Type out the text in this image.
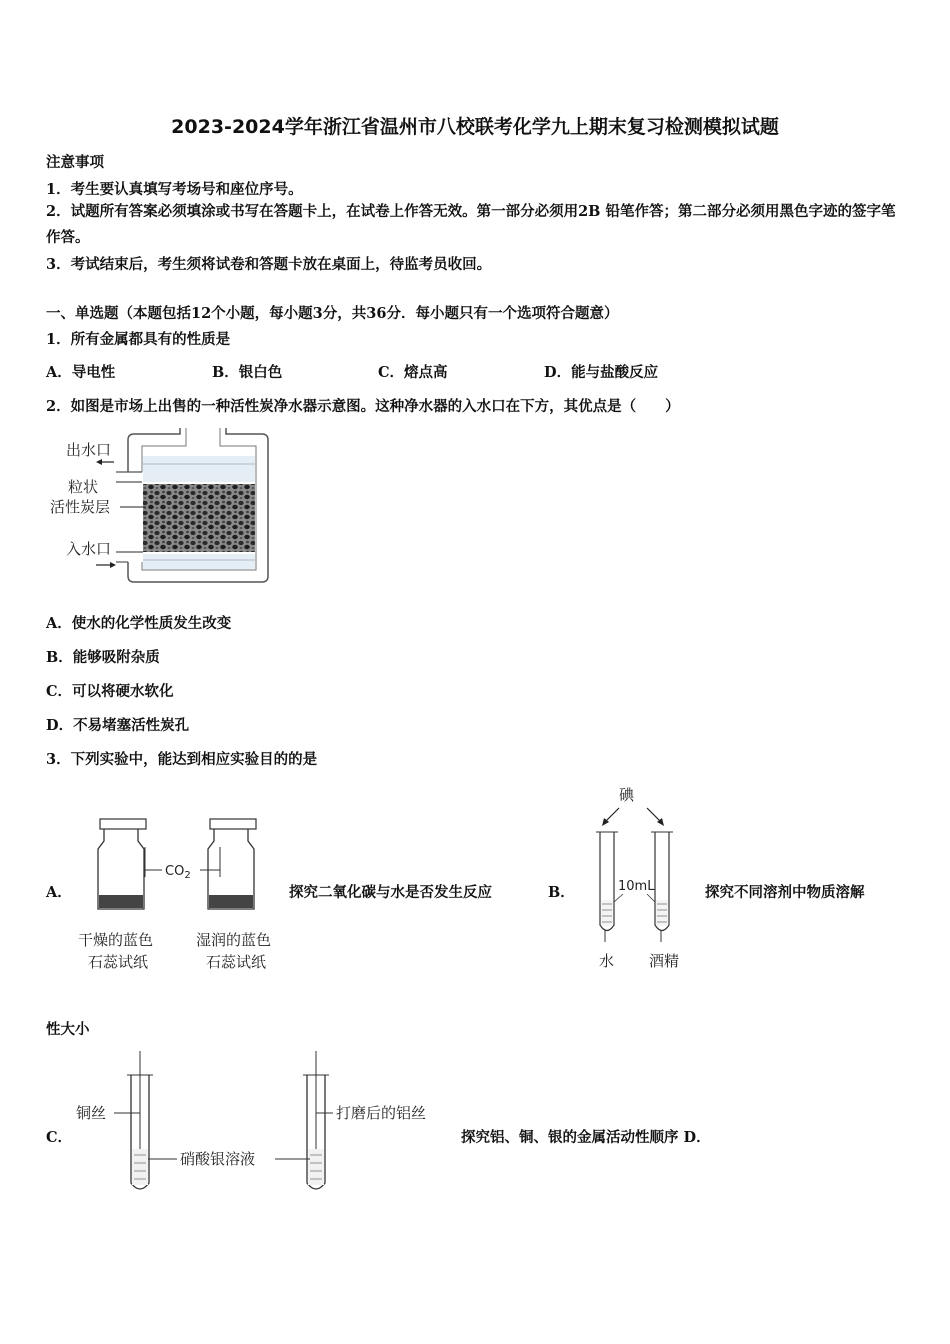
2023-2024学年浙江省温州市八校联考化学九上期末复习检测模拟试题
注意事项
1．考生要认真填写考场号和座位序号。
2．试题所有答案必须填涂或书写在答题卡上，在试卷上作答无效。第一部分必须用2B 铅笔作答；第二部分必须用黑色字迹的签字笔作答。
3．考试结束后，考生须将试卷和答题卡放在桌面上，待监考员收回。
一、单选题（本题包括12个小题，每小题3分，共36分．每小题只有一个选项符合题意）
1．所有金属都具有的性质是
A．导电性	B．银白色	C．熔点高	D．能与盐酸反应
2．如图是市场上出售的一种活性炭净水器示意图。这种净水器的入水口在下方，其优点是（　　）
出水口
粒状
活性炭层
入水口
A．使水的化学性质发生改变
B．能够吸附杂质
C．可以将硬水软化
D．不易堵塞活性炭孔
3．下列实验中，能达到相应实验目的的是
A．
$CO_2$
干燥的蓝色
石蕊试纸
湿润的蓝色
石蕊试纸
探究二氧化碳与水是否发生反应	B．
碘
10mL
水 酒精
探究不同溶剂中物质溶解
性大小
C．
铜丝	打磨后的铝丝
硝酸银溶液
探究铝、铜、银的金属活动性顺序 D．
